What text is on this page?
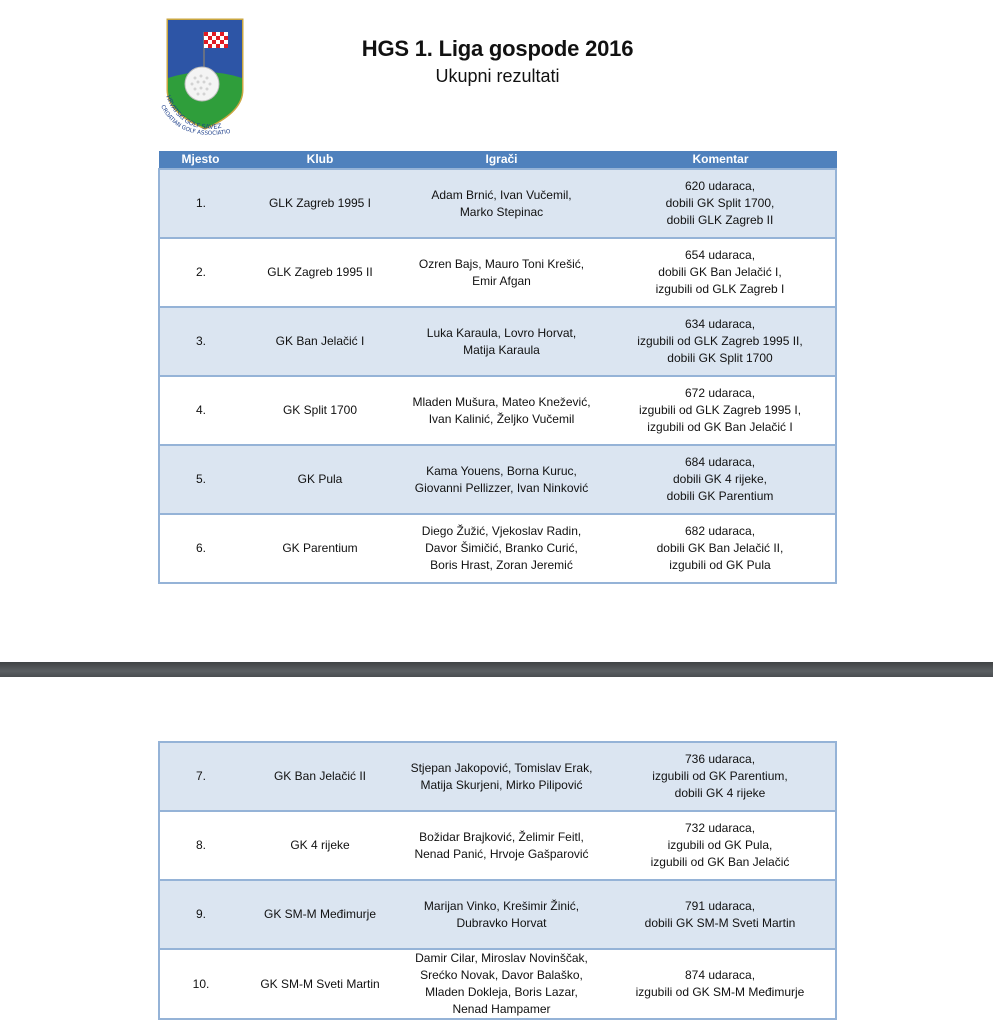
HRVATSKI GOLF SAVEZ
ROATIAN GOLF ASSOCIATIO
HGS 1. Liga gospode 2016
Ukupni rezultati
Mjesto	Klub	Igrači	Komentar
1.	GLK Zagreb 1995 I	Adam Brnić, Ivan Vučemil,
Marko Stepinac	620 udaraca,
dobili GK Split 1700,
dobili GLK Zagreb II

2.	GLK Zagreb 1995 II	Ozren Bajs, Mauro Toni Krešić,
Emir Afgan	654 udaraca,
dobili GK Ban Jelačić I,
izgubili od GLK Zagreb I

3.	GK Ban Jelačić I	Luka Karaula, Lovro Horvat,
Matija Karaula	634 udaraca,
izgubili od GLK Zagreb 1995 II,
dobili GK Split 1700

4.	GK Split 1700	Mladen Mušura, Mateo Knežević,
Ivan Kalinić, Željko Vučemil	672 udaraca,
izgubili od GLK Zagreb 1995 I,
izgubili od GK Ban Jelačić I

5.	GK Pula	Kama Youens, Borna Kuruc,
Giovanni Pellizzer, Ivan Ninković	684 udaraca,
dobili GK 4 rijeke,
dobili GK Parentium

6.	GK Parentium	Diego Žužić, Vjekoslav Radin,
Davor Šimičić, Branko Curić,
Boris Hrast, Zoran Jeremić	682 udaraca,
dobili GK Ban Jelačić II,
izgubili od GK Pula
7.	GK Ban Jelačić II	Stjepan Jakopović, Tomislav Erak,
Matija Skurjeni, Mirko Pilipović	736 udaraca,
izgubili od GK Parentium,
dobili GK 4 rijeke

8.	GK 4 rijeke	Božidar Brajković, Želimir Feitl,
Nenad Panić, Hrvoje Gašparović	732 udaraca,
izgubili od GK Pula,
izgubili od GK Ban Jelačić

9.	GK SM-M Međimurje	Marijan Vinko, Krešimir Žinić,
Dubravko Horvat	791 udaraca,
dobili GK SM-M Sveti Martin

10.	GK SM-M Sveti Martin	Damir Cilar, Miroslav Novinščak,
Srećko Novak, Davor Balaško,
Mladen Dokleja, Boris Lazar,
Nenad Hampamer	874 udaraca,
izgubili od GK SM-M Međimurje
